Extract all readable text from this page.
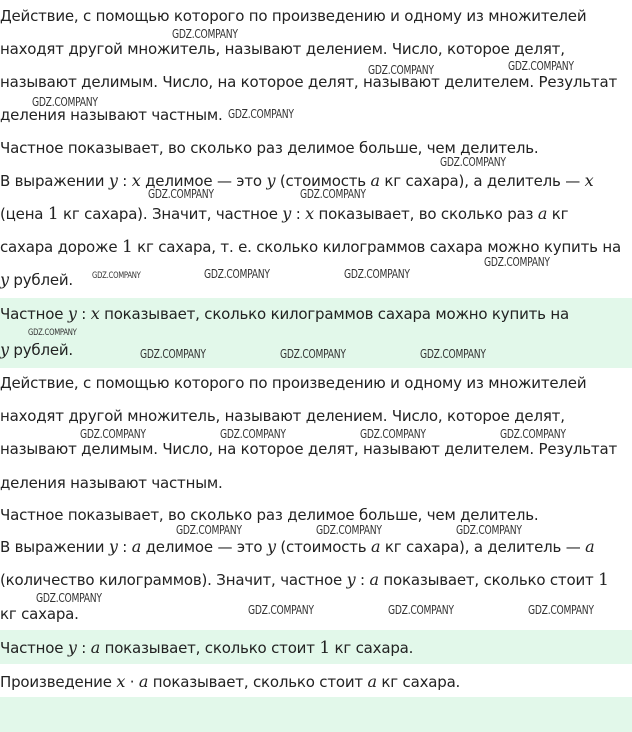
Действие, с помощью которого по произведению и одному из множителей
находят другой множитель, называют делением. Число, которое делят,
называют делимым. Число, на которое делят, называют делителем. Результат
деления называют частным.
Частное показывает, во сколько раз делимое больше, чем делитель.
В выражении y : x делимое — это y (стоимость a кг сахара), а делитель — x
(цена 1 кг сахара). Значит, частное y : x показывает, во сколько раз a кг
сахара дороже 1 кг сахара, т. е. сколько килограммов сахара можно купить на
y рублей.
Частное y : x показывает, сколько килограммов сахара можно купить на
y рублей.
Действие, с помощью которого по произведению и одному из множителей
находят другой множитель, называют делением. Число, которое делят,
называют делимым. Число, на которое делят, называют делителем. Результат
деления называют частным.
Частное показывает, во сколько раз делимое больше, чем делитель.
В выражении y : a делимое — это y (стоимость a кг сахара), а делитель — a
(количество килограммов). Значит, частное y : a показывает, сколько стоит 1
кг сахара.
Частное y : a показывает, сколько стоит 1 кг сахара.
Произведение x · a показывает, сколько стоит a кг сахара.
GDZ.COMPANY
GDZ.COMPANY	GDZ.COMPANY
GDZ.COMPANY
GDZ.COMPANY
GDZ.COMPANY
GDZ.COMPANY	GDZ.COMPANY
GDZ.COMPANY
GDZ.COMPANY	GDZ.COMPANY	GDZ.COMPANY
GDZ.COMPANY
GDZ.COMPANY	GDZ.COMPANY	GDZ.COMPANY
GDZ.COMPANY	GDZ.COMPANY	GDZ.COMPANY	GDZ.COMPANY
GDZ.COMPANY	GDZ.COMPANY	GDZ.COMPANY
GDZ.COMPANY
GDZ.COMPANY	GDZ.COMPANY	GDZ.COMPANY
